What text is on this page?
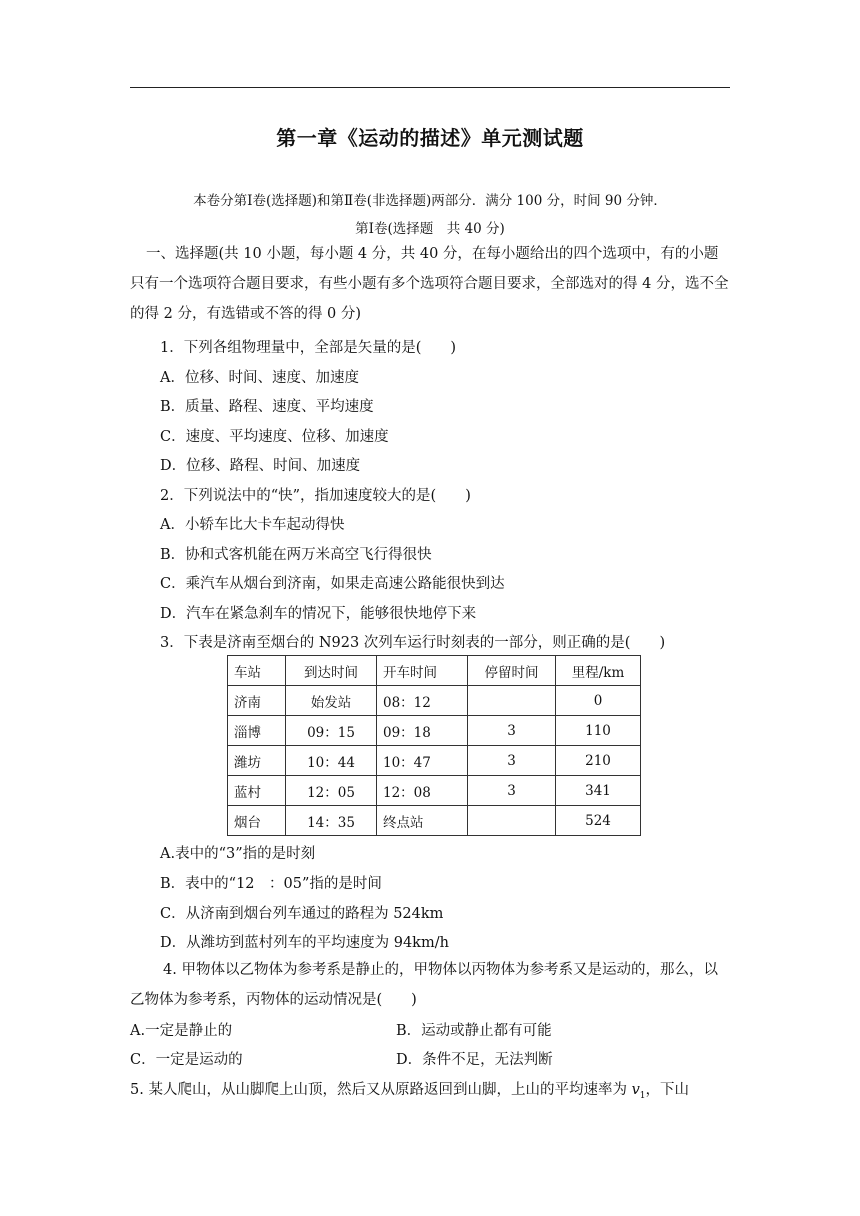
第一章《运动的描述》单元测试题
本卷分第Ⅰ卷(选择题)和第Ⅱ卷(非选择题)两部分．满分 100 分，时间 90 分钟．
第Ⅰ卷(选择题　共 40 分)
一、选择题(共 10 小题，每小题 4 分，共 40 分，在每小题给出的四个选项中，有的小题只有一个选项符合题目要求，有些小题有多个选项符合题目要求，全部选对的得 4 分，选不全的得 2 分，有选错或不答的得 0 分)
1．下列各组物理量中，全部是矢量的是(　　)
A．位移、时间、速度、加速度
B．质量、路程、速度、平均速度
C．速度、平均速度、位移、加速度
D．位移、路程、时间、加速度
2．下列说法中的“快”，指加速度较大的是(　　)
A．小轿车比大卡车起动得快
B．协和式客机能在两万米高空飞行得很快
C．乘汽车从烟台到济南，如果走高速公路能很快到达
D．汽车在紧急刹车的情况下，能够很快地停下来
3．下表是济南至烟台的 N923 次列车运行时刻表的一部分，则正确的是(　　)
车站	到达时间	开车时间	停留时间	里程/km
济南	始发站	08：12		0
淄博	09：15	09：18	3	110
潍坊	10：44	10：47	3	210
蓝村	12：05	12：08	3	341
烟台	14：35	终点站		524
A.表中的“3”指的是时刻
B．表中的“12　：05”指的是时间
C．从济南到烟台列车通过的路程为 524km
D．从潍坊到蓝村列车的平均速度为 94km/h
4. 甲物体以乙物体为参考系是静止的，甲物体以丙物体为参考系又是运动的，那么，以乙物体为参考系，丙物体的运动情况是(　　)
A.一定是静止的	B．运动或静止都有可能
C．一定是运动的	D．条件不足，无法判断
5. 某人爬山，从山脚爬上山顶，然后又从原路返回到山脚，上山的平均速率为 $v_1$，下山
